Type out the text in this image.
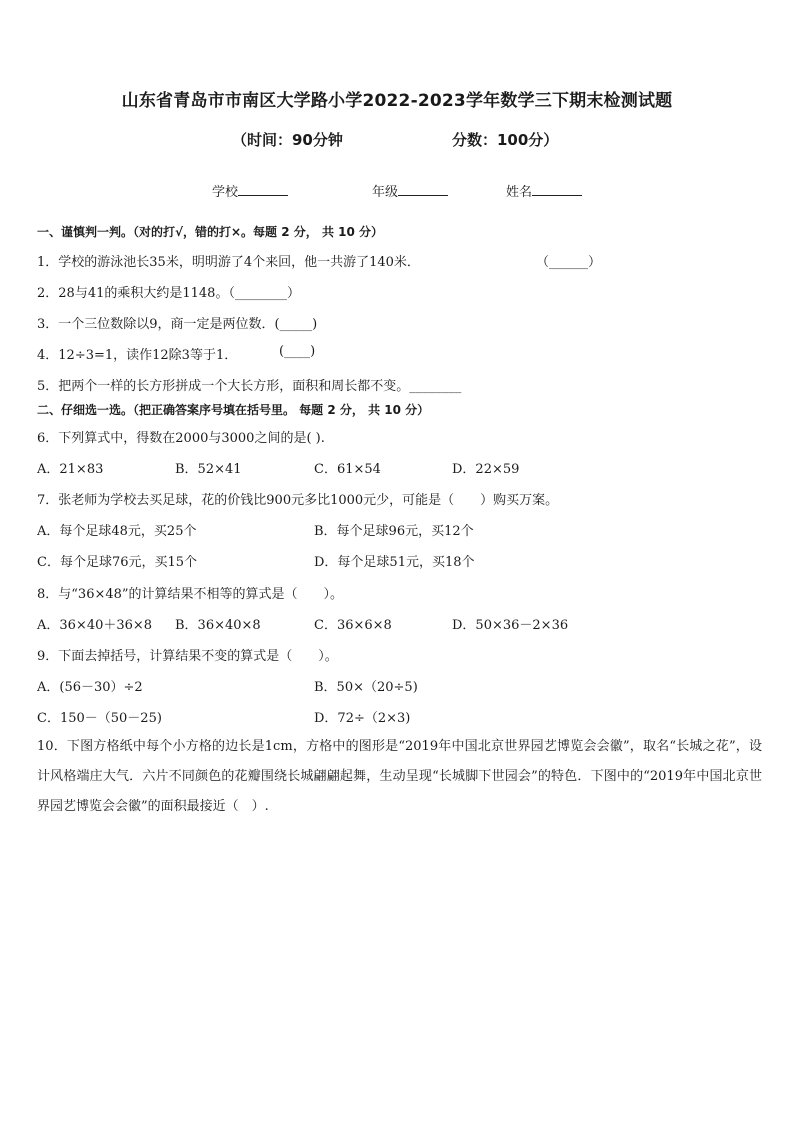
山东省青岛市市南区大学路小学2022-2023学年数学三下期末检测试题
（时间：90分钟	分数：100分）
学校	年级	姓名
一、谨慎判一判。（对的打√，错的打×。每题 2 分， 共 10 分）
1．学校的游泳池长35米，明明游了4个来回，他一共游了140米．	（______）
2．28与41的乘积大约是1148。（________）
3．一个三位数除以9，商一定是两位数．(_____)
4．12÷3=1，读作12除3等于1．	(____)
5．把两个一样的长方形拼成一个大长方形，面积和周长都不变。________
二、仔细选一选。（把正确答案序号填在括号里。 每题 2 分， 共 10 分）
6．下列算式中，得数在2000与3000之间的是( ).
A．21×83	B．52×41	C．61×54	D．22×59
7．张老师为学校去买足球，花的价钱比900元多比1000元少，可能是（　　）购买万案。
A．每个足球48元，买25个	B．每个足球96元，买12个
C．每个足球76元，买15个	D．每个足球51元，买18个
8．与“36×48”的计算结果不相等的算式是（　　）。
A．36×40＋36×8 B．36×40×8	C．36×6×8	D．50×36－2×36
9．下面去掉括号，计算结果不变的算式是（　　）。
A．(56－30）÷2	B．50×（20÷5)
C．150－（50－25)	D．72÷（2×3)
10．下图方格纸中每个小方格的边长是1cm，方格中的图形是“2019年中国北京世界园艺博览会会徽”，取名“长城之花”，设计风格端庄大气．六片不同颜色的花瓣围绕长城翩翩起舞，生动呈现“长城脚下世园会”的特色．下图中的“2019年中国北京世界园艺博览会会徽”的面积最接近（　）.
